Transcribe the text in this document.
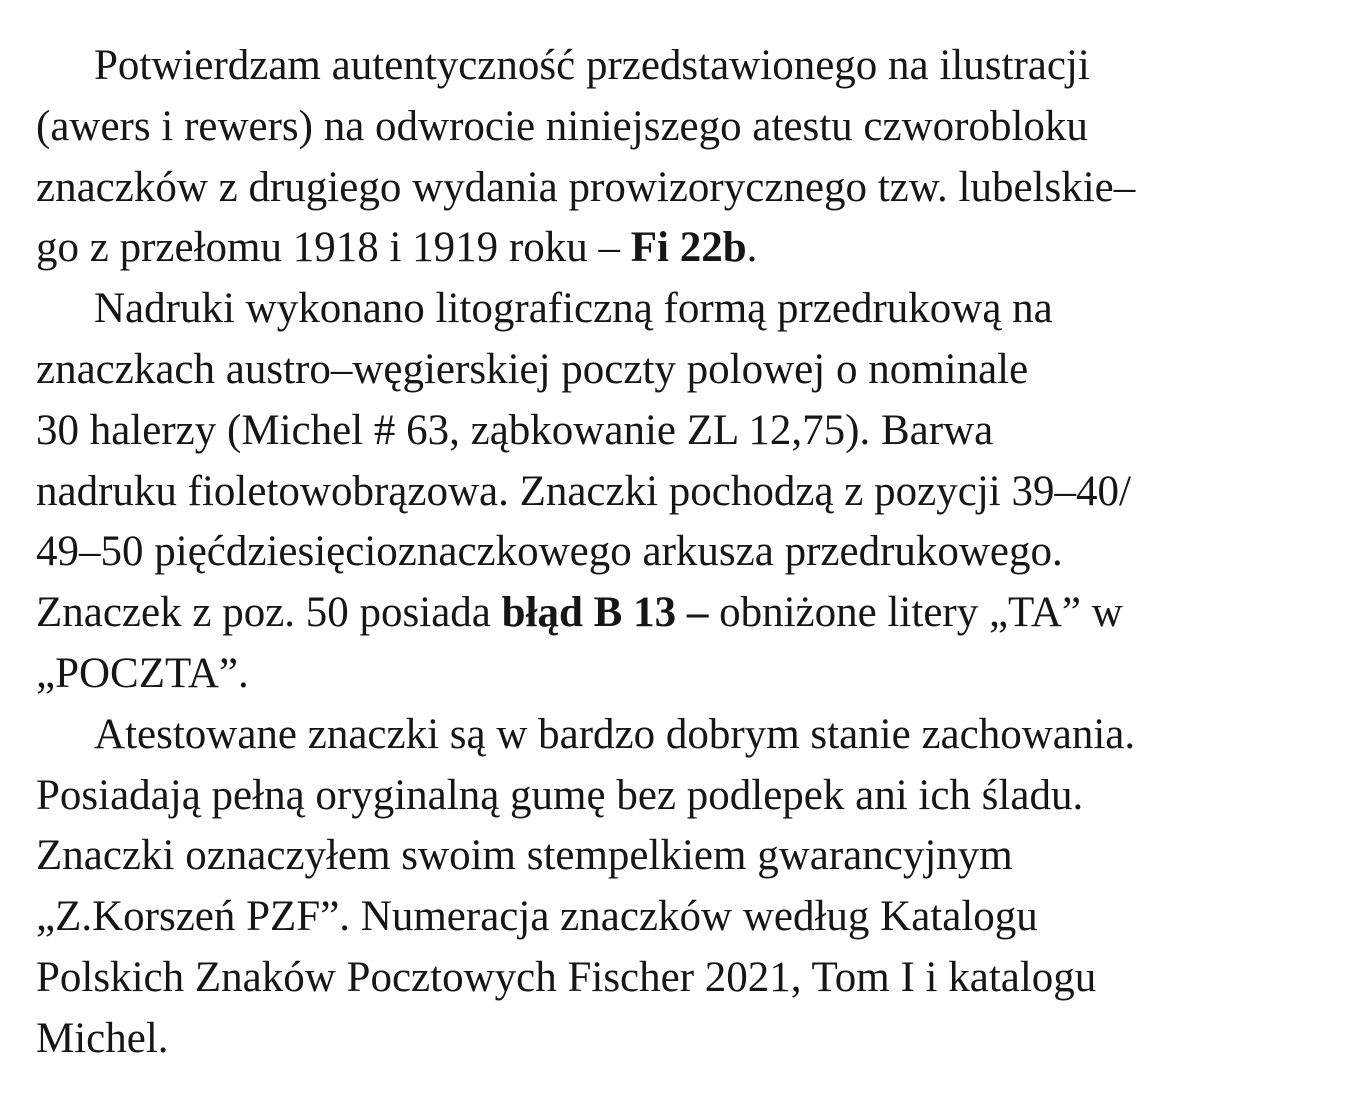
Potwierdzam autentyczność przedstawionego na ilustracji
(awers i rewers) na odwrocie niniejszego atestu czworobloku
znaczków z drugiego wydania prowizorycznego tzw. lubelskie–
go z przełomu 1918 i 1919 roku – Fi 22b.
Nadruki wykonano litograficzną formą przedrukową na
znaczkach austro–węgierskiej poczty polowej o nominale
30 halerzy (Michel # 63, ząbkowanie ZL 12,75). Barwa
nadruku fioletowobrązowa. Znaczki pochodzą z pozycji 39–40/
49–50 pięćdziesięcioznaczkowego arkusza przedrukowego.
Znaczek z poz. 50 posiada błąd B 13 – obniżone litery „TA” w
„POCZTA”.
Atestowane znaczki są w bardzo dobrym stanie zachowania.
Posiadają pełną oryginalną gumę bez podlepek ani ich śladu.
Znaczki oznaczyłem swoim stempelkiem gwarancyjnym
„Z.Korszeń PZF”. Numeracja znaczków według Katalogu
Polskich Znaków Pocztowych Fischer 2021, Tom I i katalogu
Michel.
